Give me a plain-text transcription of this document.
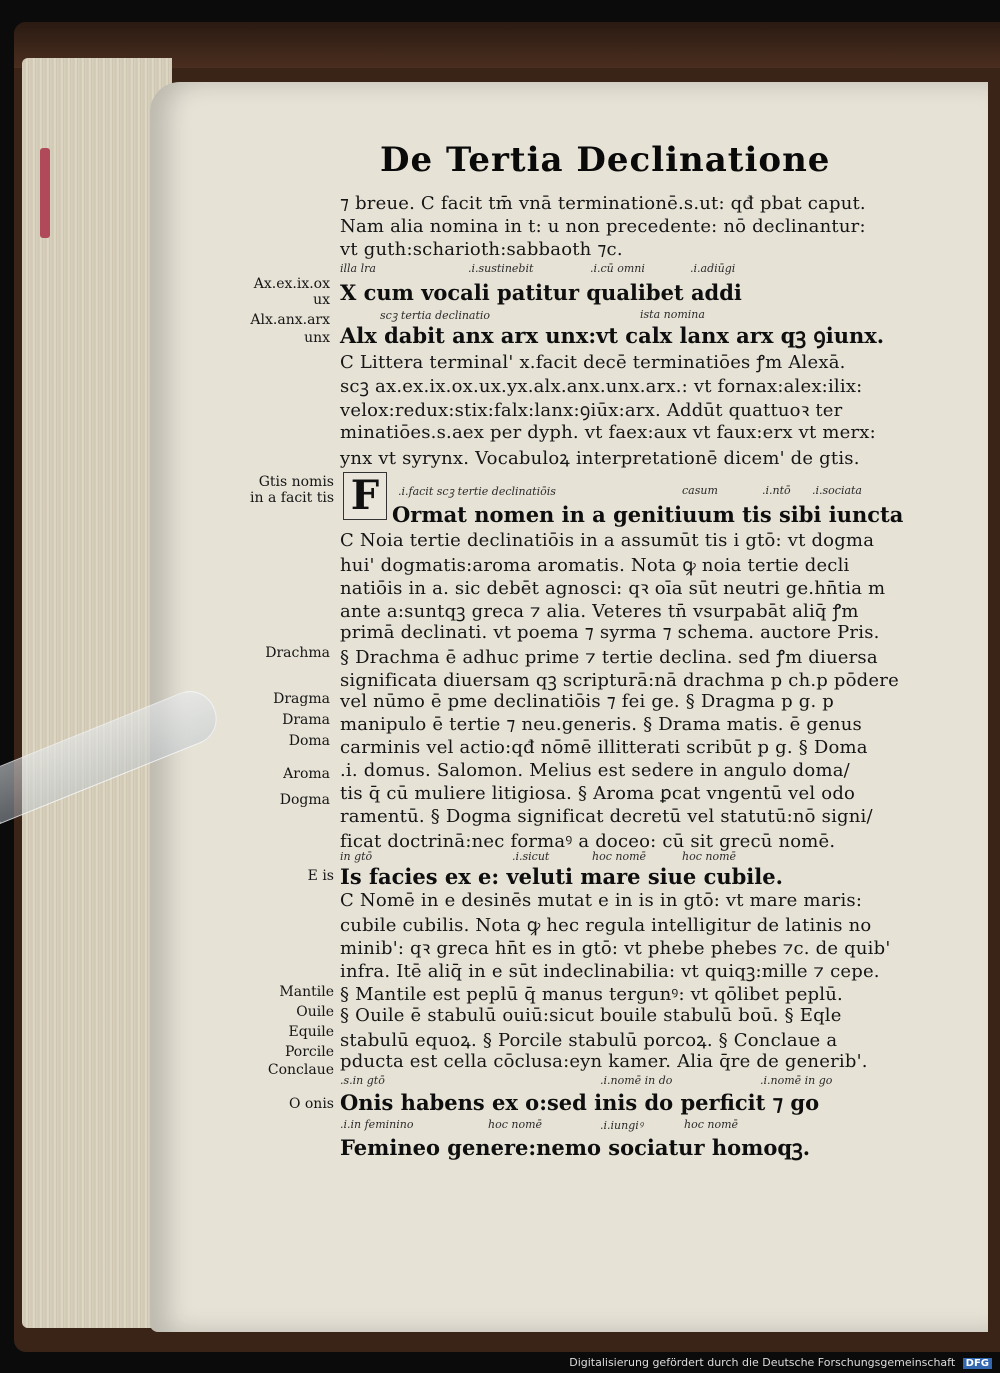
De Tertia Declinatione
⁊ breue. C facit tm̄ vnā terminationē.s.ut: qđ pbat caput.
Nam alia nomina in t: u non precedente: nō declinantur:
vt guth:scharioth:sabbaoth ⁊c.
illa lra	.i.sustinebit	.i.cū omni	.i.adiūgi
Ax.ex.ix.ox
ux X cum vocali patitur qualibet addi
scꝫ tertia declinatio	ista nomina
Alx.anx.arx
unx Alx dabit anx arx unx:vt calx lanx arx qꝫ ꝯiunx.
C Littera terminal' x.facit decē terminatiōes ꝭm Alexā.
scꝫ ax.ex.ix.ox.ux.yx.alx.anx.unx.arx.: vt fornax:alex:ilix:
velox:redux:stix:falx:lanx:ꝯiūx:arx. Addūt quattuoꝛ ter
minatiōes.s.aex per dyph. vt faex:aux vt faux:erx vt merx:
ynx vt syrynx. Vocabuloꝝ interpretationē dicem' de gtis.
Gtis nomis
in a facit tis F	.i.facit scꝫ tertie declinatiōis	casum	.i.ntō .i.sociata
Ormat nomen in a genitiuum tis sibi iuncta
C Noia tertie declinatiōis in a assumūt tis i gtō: vt dogma
hui' dogmatis:aroma aromatis. Nota ꝙ noia tertie decli
natiōis in a. sic debēt agnosci: qꝛ oīa sūt neutri ge.hn̄tia m
ante a:suntqꝫ greca ⁊ alia. Veteres tn̄ vsurpabāt aliq̄ ꝭm
primā declinati. vt poema ⁊ syrma ⁊ schema. auctore Pris.
§ Drachma ē adhuc prime ⁊ tertie declina. sed ꝭm diuersa
significata diuersam qꝫ scripturā:nā drachma p ch.p pōdere
vel nūmo ē pme declinatiōis ⁊ fei ge. § Dragma p g. p
manipulo ē tertie ⁊ neu.generis. § Drama matis. ē genus
carminis vel actio:qđ nōmē illitterati scribūt p g. § Doma
.i. domus. Salomon. Melius est sedere in angulo doma/
tis q̄ cū muliere litigiosa. § Aroma ꝑcat vngentū vel odo
ramentū. § Dogma significat decretū vel statutū:nō signi/
ficat doctrinā:nec formaꝰ a doceo: cū sit grecū nomē.
Drachma
Dragma
Drama
Doma
Aroma
Dogma
in gtō	.i.sicut	hoc nomē	hoc nomē
E is Is facies ex e: veluti mare siue cubile.
C Nomē in e desinēs mutat e in is in gtō: vt mare maris:
cubile cubilis. Nota ꝙ hec regula intelligitur de latinis no
minib': qꝛ greca hn̄t es in gtō: vt phebe phebes ⁊c. de quib'
infra. Itē aliq̄ in e sūt indeclinabilia: vt quiqꝫ:mille ⁊ cepe.
§ Mantile est peplū q̄ manus tergunꝰ: vt qōlibet peplū.
§ Ouile ē stabulū ouiū:sicut bouile stabulū boū. § Eqle
stabulū equoꝝ. § Porcile stabulū porcoꝝ. § Conclaue a
pducta est cella cōclusa:eyn kamer. Alia q̄re de generib'.
Mantile
Ouile
Equile
Porcile
Conclaue
.s.in gtō	.i.nomē in do	.i.nomē in go
O onis Onis habens ex o:sed inis do perficit ⁊ go
.i.in feminino	hoc nomē	.i.iungiꝰ	hoc nomē
Femineo genere:nemo sociatur homoqꝫ.
Digitalisierung gefördert durch die Deutsche Forschungsgemeinschaft DFG
